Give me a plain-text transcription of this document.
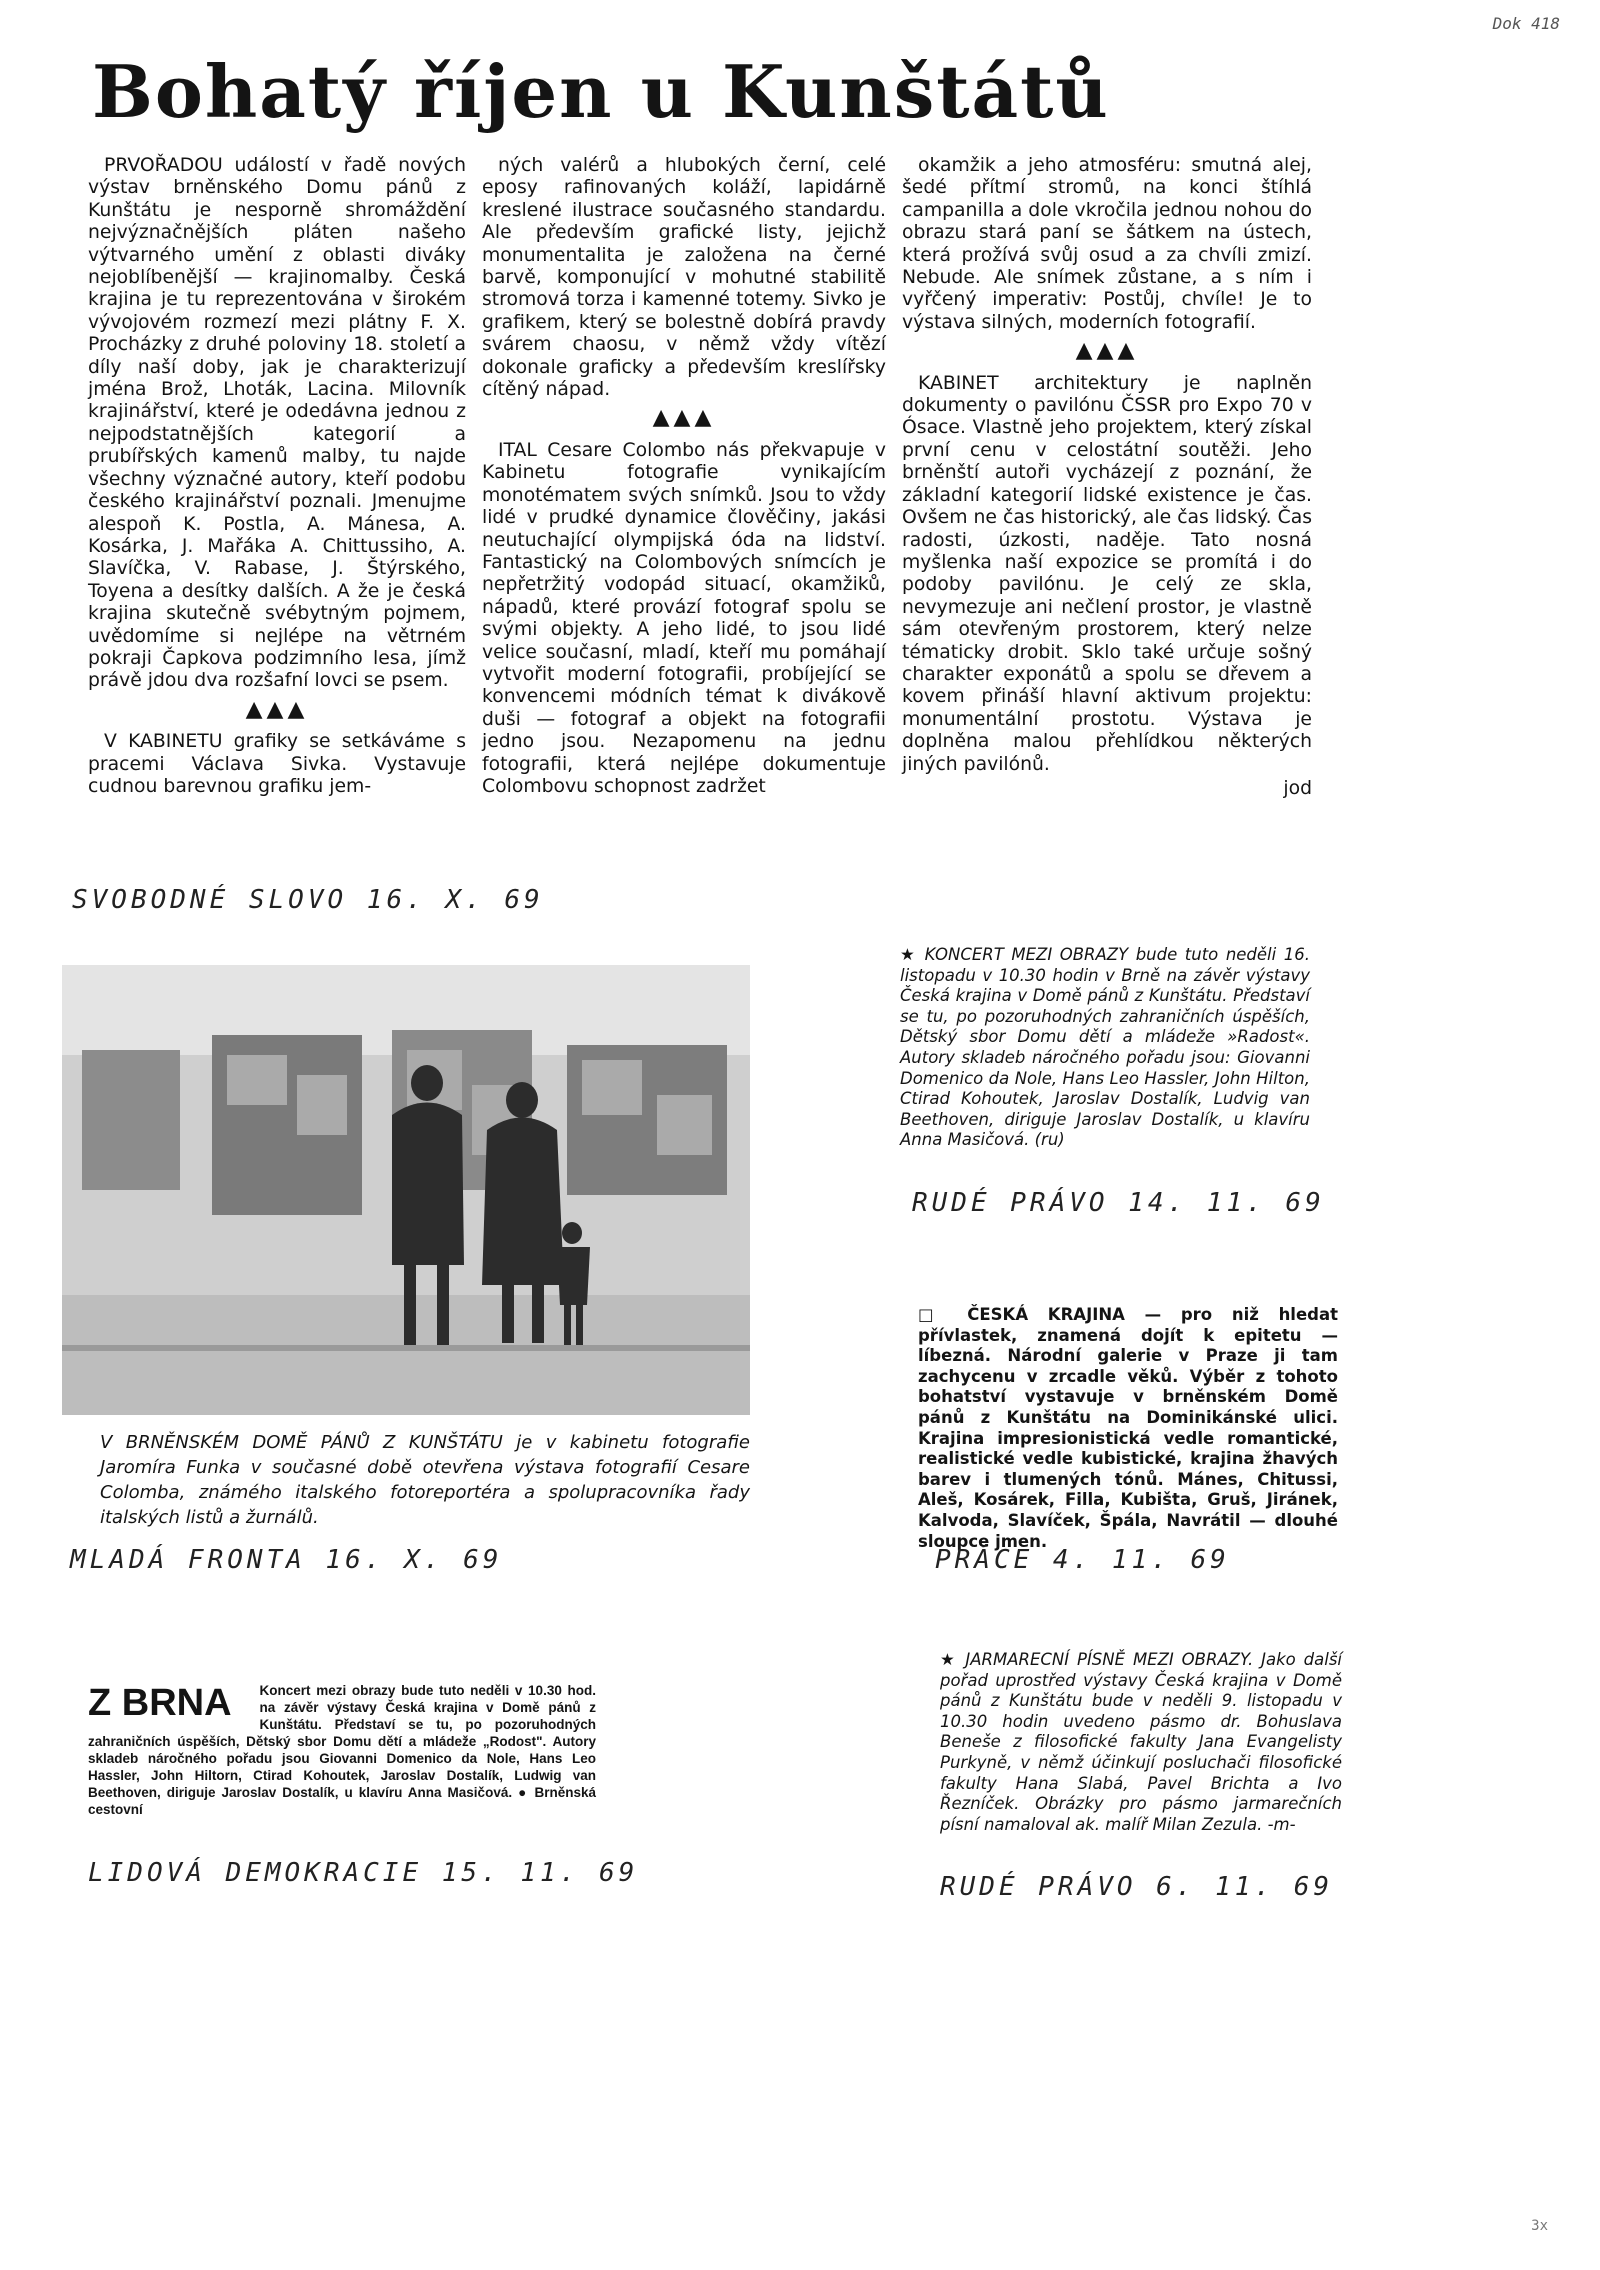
Dok 418
Bohatý říjen u Kunštátů

PRVOŘADOU událostí v řadě nových výstav brněnského Domu pánů z Kunštátu je nesporně shromáždění nejvýznačnějších pláten našeho výtvarného umění z oblasti diváky nejoblíbenější — krajinomalby. Česká krajina je tu reprezentována v širokém vývojovém rozmezí mezi plátny F. X. Procházky z druhé poloviny 18. století a díly naší doby, jak je charakterizují jména Brož, Lhoták, Lacina. Milovník krajinářství, které je odedávna jednou z nejpodstatnějších kategorií a prubířských kamenů malby, tu najde všechny význačné autory, kteří podobu českého krajinářství poznali. Jmenujme alespoň K. Postla, A. Mánesa, A. Kosárka, J. Mařáka A. Chittussiho, A. Slavíčka, V. Rabase, J. Štýrského, Toyena a desítky dalších. A že je česká krajina skutečně svébytným pojmem, uvědomíme si nejlépe na větrném pokraji Čapkova podzimního lesa, jímž právě jdou dva rozšafní lovci se psem.

▲▲▲

V KABINETU grafiky se setkáváme s pracemi Václava Sivka. Vystavuje cudnou barevnou grafiku jem-

ných valérů a hlubokých černí, celé eposy rafinovaných koláží, lapidárně kreslené ilustrace současného standardu. Ale především grafické listy, jejichž monumentalita je založena na černé barvě, komponující v mohutné stabilitě stromová torza i kamenné totemy. Sivko je grafikem, který se bolestně dobírá pravdy svárem chaosu, v němž vždy vítězí dokonale graficky a především kreslířsky cítěný nápad.

▲▲▲

ITAL Cesare Colombo nás překvapuje v Kabinetu fotografie vynikajícím monotématem svých snímků. Jsou to vždy lidé v prudké dynamice člověčiny, jakási neutuchající olympijská óda na lidství. Fantastický na Colombových snímcích je nepřetržitý vodopád situací, okamžiků, nápadů, které provází fotograf spolu se svými objekty. A jeho lidé, to jsou lidé velice současní, mladí, kteří mu pomáhají vytvořit moderní fotografii, probíjející se konvencemi módních témat k divákově duši — fotograf a objekt na fotografii jedno jsou. Nezapomenu na jednu fotografii, která nejlépe dokumentuje Colombovu schopnost zadržet

okamžik a jeho atmosféru: smutná alej, šedé přítmí stromů, na konci štíhlá campanilla a dole vkročila jednou nohou do obrazu stará paní se šátkem na ústech, která prožívá svůj osud a za chvíli zmizí. Nebude. Ale snímek zůstane, a s ním i vyřčený imperativ: Postůj, chvíle! Je to výstava silných, moderních fotografií.

▲▲▲

KABINET architektury je naplněn dokumenty o pavilónu ČSSR pro Expo 70 v Ósace. Vlastně jeho projektem, který získal první cenu v celostátní soutěži. Jeho brněnští autoři vycházejí z poznání, že základní kategorií lidské existence je čas. Ovšem ne čas historický, ale čas lidský. Čas radosti, úzkosti, naděje. Tato nosná myšlenka naší expozice se promítá i do podoby pavilónu. Je celý ze skla, nevymezuje ani nečlení prostor, je vlastně sám otevřeným prostorem, který nelze tématicky drobit. Sklo také určuje sošný charakter exponátů a spolu se dřevem a kovem přináší hlavní aktivum projektu: monumentální prostotu. Výstava je doplněna malou přehlídkou některých jiných pavilónů.

jod
SVOBODNÉ SLOVO 16. X. 69
V BRNĚNSKÉM DOMĚ PÁNŮ Z KUNŠTÁTU je v kabinetu fotografie Jaromíra Funka v současné době otevřena výstava fotografií Cesare Colomba, známého italského fotoreportéra a spolupracovníka řady italských listů a žurnálů.
MLADÁ FRONTA 16. X. 69

★ KONCERT MEZI OBRAZY bude tuto neděli 16. listopadu v 10.30 hodin v Brně na závěr výstavy Česká krajina v Domě pánů z Kunštátu. Představí se tu, po pozoruhodných zahraničních úspěších, Dětský sbor Domu dětí a mládeže »Radost«. Autory skladeb náročného pořadu jsou: Giovanni Domenico da Nole, Hans Leo Hassler, John Hilton, Ctirad Kohoutek, Jaroslav Dostalík, Ludvig van Beethoven, diriguje Jaroslav Dostalík, u klavíru Anna Masičová. (ru)

RUDÉ PRÁVO 14. 11. 69

□ ČESKÁ KRAJINA — pro niž hledat přívlastek, znamená dojít k epitetu — líbezná. Národní galerie v Praze ji tam zachycenu v zrcadle věků. Výběr z tohoto bohatství vystavuje v brněnském Domě pánů z Kunštátu na Dominikánské ulici. Krajina impresionistická vedle romantické, realistické vedle kubistické, krajina žhavých barev i tlumených tónů. Mánes, Chitussi, Aleš, Kosárek, Filla, Kubišta, Gruš, Jiránek, Kalvoda, Slavíček, Špála, Navrátil — dlouhé sloupce jmen.

PRÁCE 4. 11. 69

★ JARMARECNÍ PÍSNĚ MEZI OBRAZY. Jako další pořad uprostřed výstavy Česká krajina v Domě pánů z Kunštátu bude v neděli 9. listopadu v 10.30 hodin uvedeno pásmo dr. Bohuslava Beneše z filosofické fakulty Jana Evangelisty Purkyně, v němž účinkují posluchači filosofické fakulty Hana Slabá, Pavel Brichta a Ivo Řezníček. Obrázky pro pásmo jarmarečních písní namaloval ak. malíř Milan Zezula. -m-

RUDÉ PRÁVO 6. 11. 69
Z BRNA	Koncert mezi obrazy bude tuto neděli v 10.30 hod. na závěr výstavy Česká krajina v Domě pánů z Kunštátu. Představí se tu, po pozoruhodných zahraničních úspěších, Dětský sbor Domu dětí a mládeže „Rodost". Autory skladeb náročného pořadu jsou Giovanni Domenico da Nole, Hans Leo Hassler, John Hiltorn, Ctirad Kohoutek, Jaroslav Dostalík, Ludwig van Beethoven, diriguje Jaroslav Dostalík, u klavíru Anna Masičová. ● Brněnská cestovní

LIDOVÁ DEMOKRACIE 15. 11. 69
3x
